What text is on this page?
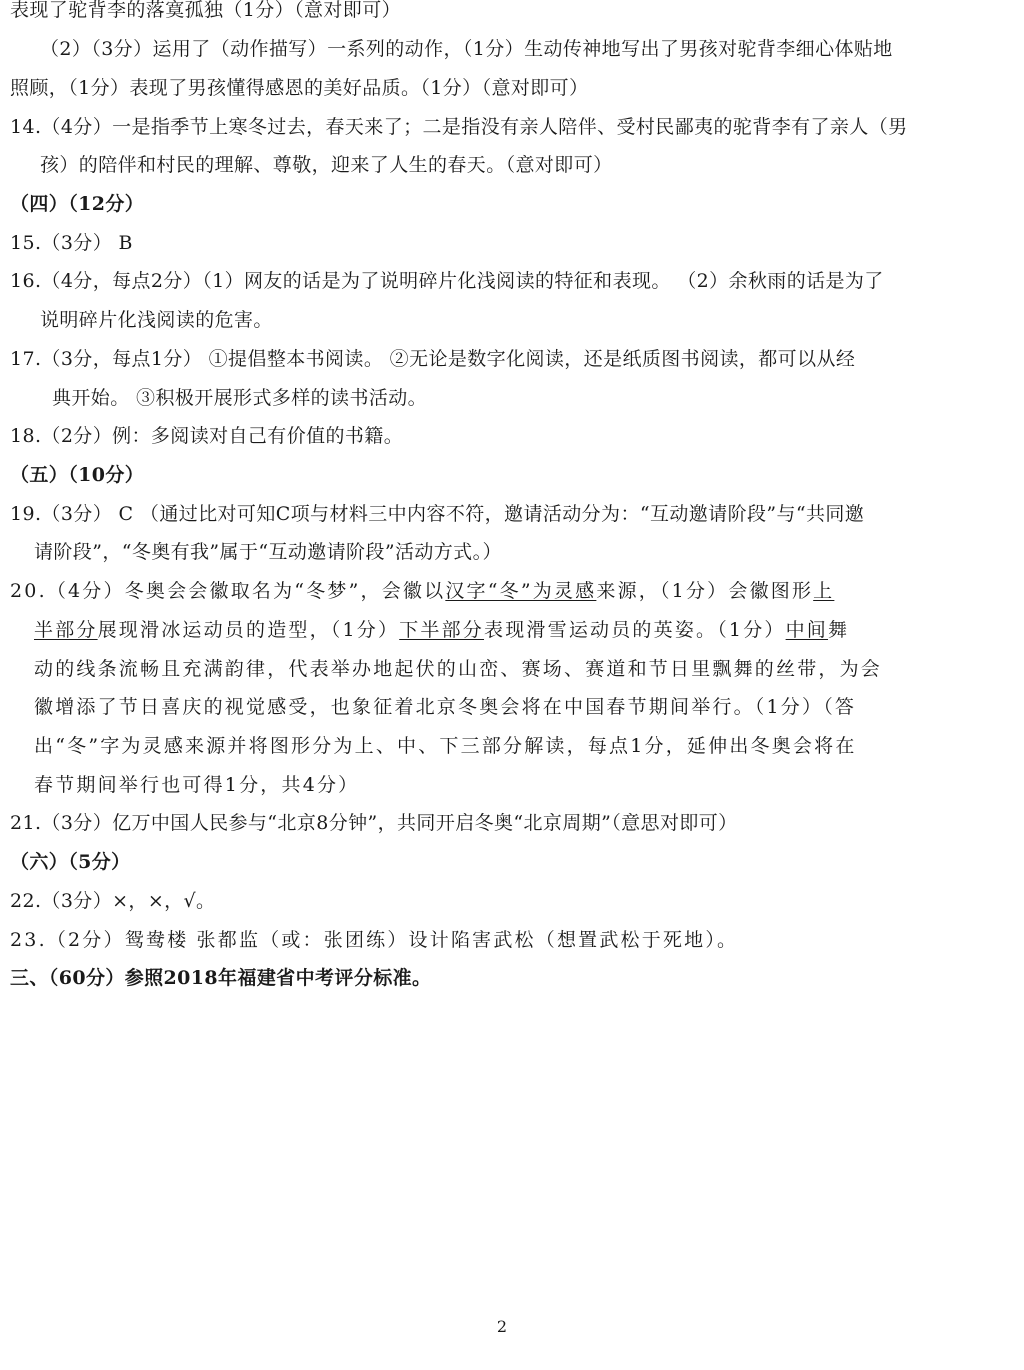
表现了驼背李的落寞孤独（1分）（意对即可）
（2）（3分）运用了（动作描写）一系列的动作，（1分）生动传神地写出了男孩对驼背李细心体贴地
照顾，（1分）表现了男孩懂得感恩的美好品质。（1分）（意对即可）
14.（4分）一是指季节上寒冬过去，春天来了；二是指没有亲人陪伴、受村民鄙夷的驼背李有了亲人（男
孩）的陪伴和村民的理解、尊敬，迎来了人生的春天。（意对即可）
（四）（12分）
15.（3分） B
16.（4分，每点2分）（1）网友的话是为了说明碎片化浅阅读的特征和表现。 （2）余秋雨的话是为了
说明碎片化浅阅读的危害。
17.（3分，每点1分） ①提倡整本书阅读。 ②无论是数字化阅读，还是纸质图书阅读，都可以从经
典开始。 ③积极开展形式多样的读书活动。
18.（2分）例：多阅读对自己有价值的书籍。
（五）（10分）
19.（3分） C （通过比对可知C项与材料三中内容不符，邀请活动分为：“互动邀请阶段”与“共同邀
请阶段”，“冬奥有我”属于“互动邀请阶段”活动方式。）
20.（4分）冬奥会会徽取名为“冬梦”，会徽以汉字“冬”为灵感来源，（1分）会徽图形上
半部分展现滑冰运动员的造型，（1分）下半部分表现滑雪运动员的英姿。（1分）中间舞
动的线条流畅且充满韵律，代表举办地起伏的山峦、赛场、赛道和节日里飘舞的丝带，为会
徽增添了节日喜庆的视觉感受，也象征着北京冬奥会将在中国春节期间举行。（1分）（答
出“冬”字为灵感来源并将图形分为上、中、下三部分解读，每点1分，延伸出冬奥会将在
春节期间举行也可得1分，共4分）
21.（3分）亿万中国人民参与“北京8分钟”，共同开启冬奥“北京周期”（意思对即可）
（六）（5分）
22.（3分）×，×，√。
23.（2分）鸳鸯楼 张都监（或：张团练）设计陷害武松（想置武松于死地）。
三、（60分）参照2018年福建省中考评分标准。
2
